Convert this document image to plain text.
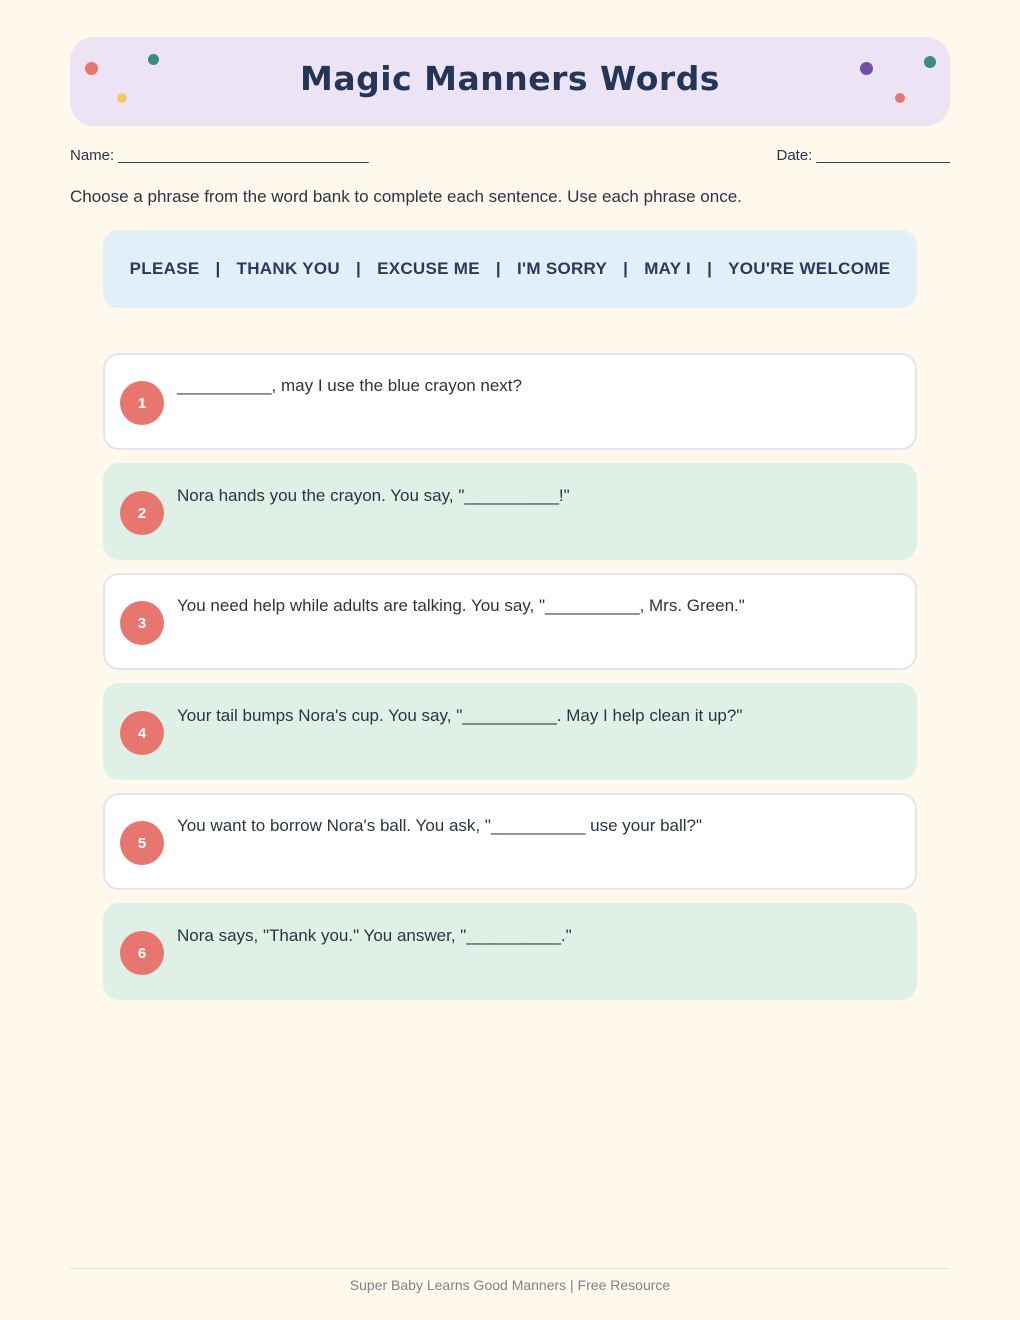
Magic Manners Words
Name: ______________________________	Date: ________________
Choose a phrase from the word bank to complete each sentence. Use each phrase once.
PLEASE | THANK YOU | EXCUSE ME | I'M SORRY | MAY I | YOU'RE WELCOME
1
__________, may I use the blue crayon next?
2
Nora hands you the crayon. You say, "__________!"
3
You need help while adults are talking. You say, "__________, Mrs. Green."
4
Your tail bumps Nora's cup. You say, "__________. May I help clean it up?"
5
You want to borrow Nora's ball. You ask, "__________ use your ball?"
6
Nora says, "Thank you." You answer, "__________."
Super Baby Learns Good Manners | Free Resource
